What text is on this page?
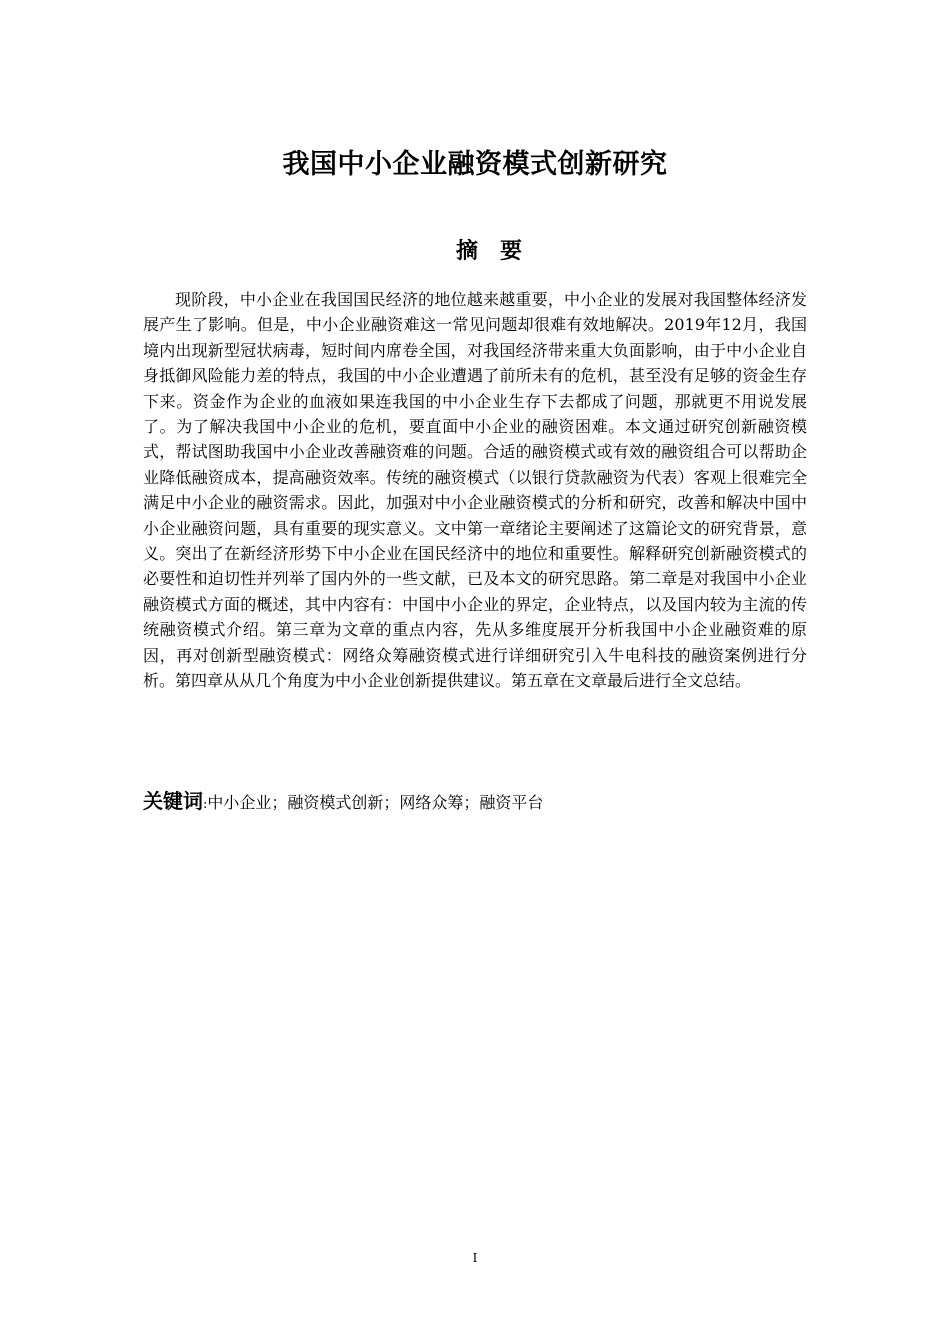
我国中小企业融资模式创新研究
摘要

现阶段，中小企业在我国国民经济的地位越来越重要，中小企业的发展对我国整体经济发展产生了影响。但是，中小企业融资难这一常见问题却很难有效地解决。2019年12月，我国境内出现新型冠状病毒，短时间内席卷全国，对我国经济带来重大负面影响，由于中小企业自身抵御风险能力差的特点，我国的中小企业遭遇了前所未有的危机，甚至没有足够的资金生存下来。资金作为企业的血液如果连我国的中小企业生存下去都成了问题，那就更不用说发展了。为了解决我国中小企业的危机，要直面中小企业的融资困难。本文通过研究创新融资模式，帮试图助我国中小企业改善融资难的问题。合适的融资模式或有效的融资组合可以帮助企业降低融资成本，提高融资效率。传统的融资模式（以银行贷款融资为代表）客观上很难完全满足中小企业的融资需求。因此，加强对中小企业融资模式的分析和研究，改善和解决中国中小企业融资问题，具有重要的现实意义。文中第一章绪论主要阐述了这篇论文的研究背景，意义。突出了在新经济形势下中小企业在国民经济中的地位和重要性。解释研究创新融资模式的必要性和迫切性并列举了国内外的一些文献，已及本文的研究思路。第二章是对我国中小企业融资模式方面的概述，其中内容有：中国中小企业的界定，企业特点，以及国内较为主流的传统融资模式介绍。第三章为文章的重点内容，先从多维度展开分析我国中小企业融资难的原因，再对创新型融资模式：网络众筹融资模式进行详细研究引入牛电科技的融资案例进行分析。第四章从从几个角度为中小企业创新提供建议。第五章在文章最后进行全文总结。

关键词:中小企业；融资模式创新；网络众筹；融资平台
I
